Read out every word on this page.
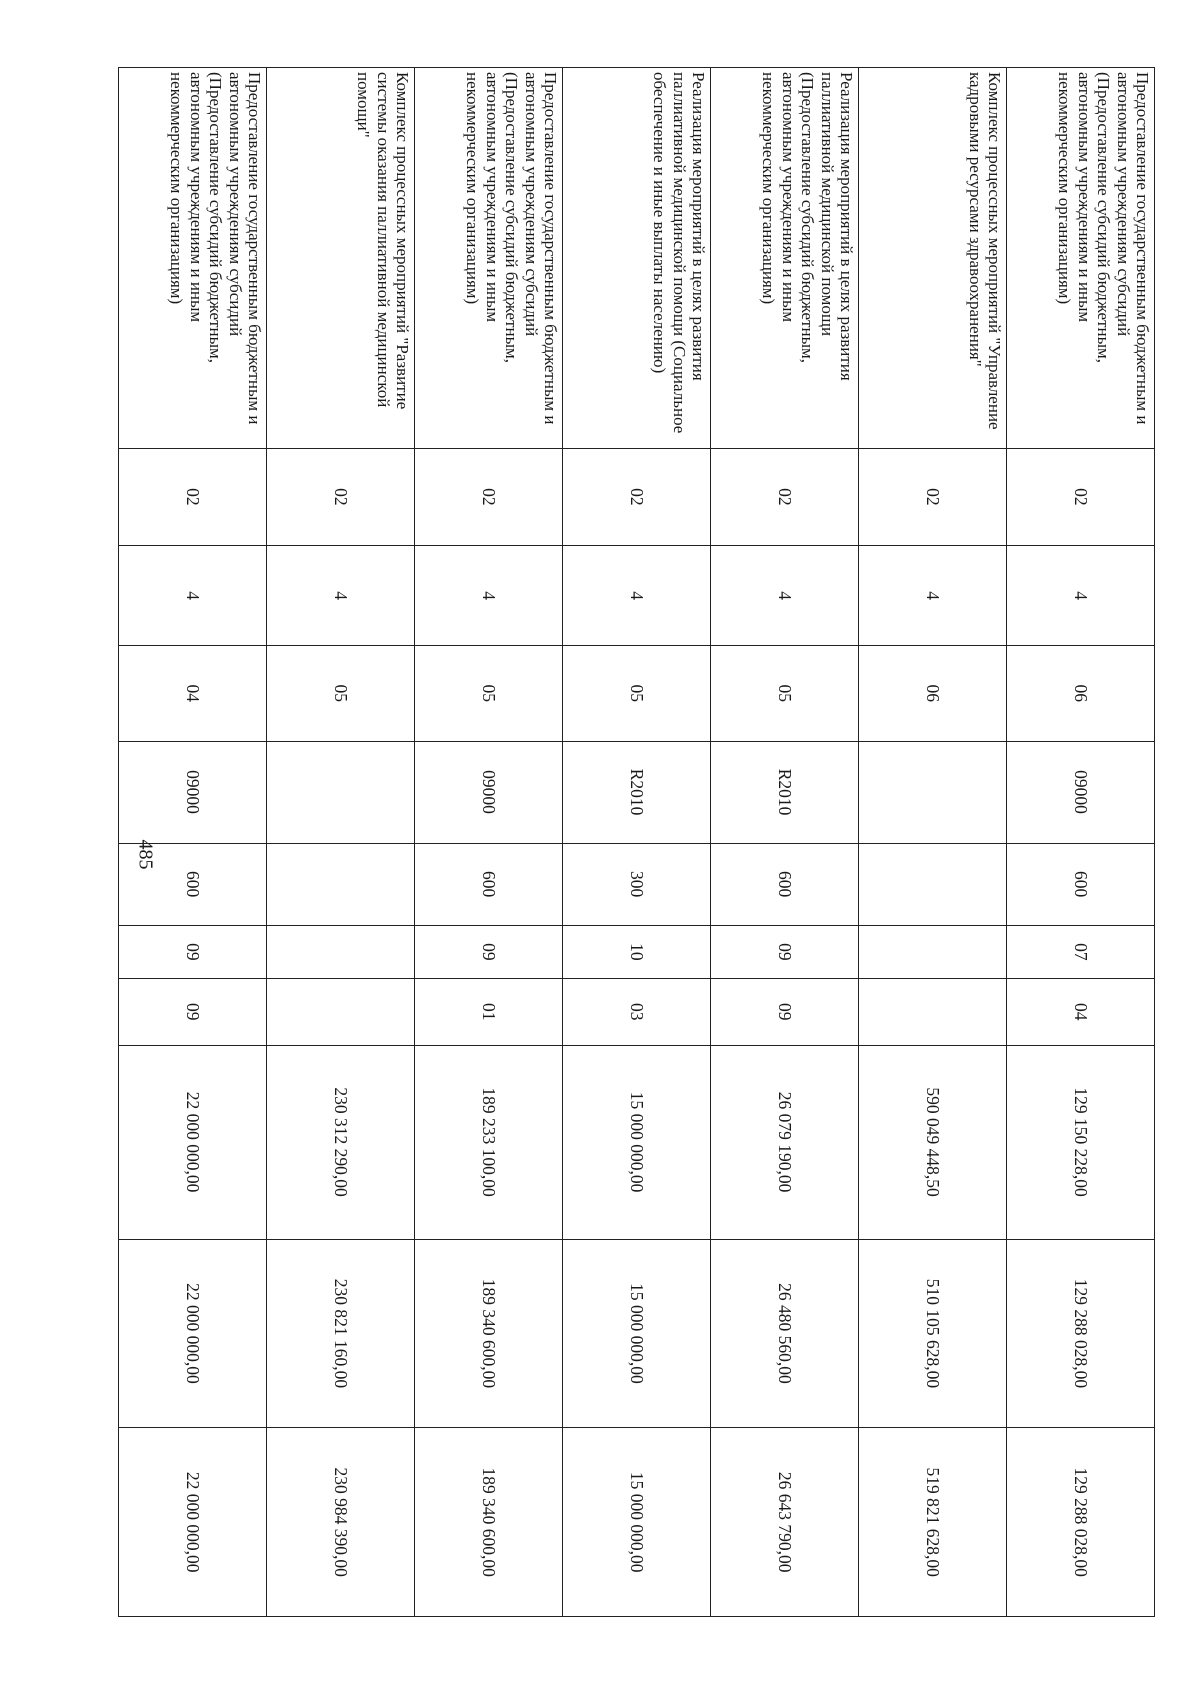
485
Предоставление государственным бюджетным и автономным учреждениям субсидий (Предоставление субсидий бюджетным, автономным учреждениям и иным некоммерческим организациям)	02	4	04	09000	600	09	09		22 000 000,00	22 000 000,00	22 000 000,00
Комплекс процессных мероприятий "Развитие системы оказания паллиативной медицинской помощи"	02	4	05						230 312 290,00	230 821 160,00	230 984 390,00
Предоставление государственным бюджетным и автономным учреждениям субсидий (Предоставление субсидий бюджетным, автономным учреждениям и иным некоммерческим организациям)	02	4	05	09000	600	09	01		189 233 100,00	189 340 600,00	189 340 600,00
Реализация мероприятий в целях развития паллиативной медицинской помощи (Социальное обеспечение и иные выплаты населению)	02	4	05	R2010	300	10	03		15 000 000,00	15 000 000,00	15 000 000,00
Реализация мероприятий в целях развития паллиативной медицинской помощи (Предоставление субсидий бюджетным, автономным учреждениям и иным некоммерческим организациям)	02	4	05	R2010	600	09	09		26 079 190,00	26 480 560,00	26 643 790,00
Комплекс процессных мероприятий "Управление кадровыми ресурсами здравоохранения"	02	4	06						590 049 448,50	510 105 628,00	519 821 628,00
Предоставление государственным бюджетным и автономным учреждениям субсидий (Предоставление субсидий бюджетным, автономным учреждениям и иным некоммерческим организациям)	02	4	06	09000	600	07	04		129 150 228,00	129 288 028,00	129 288 028,00
